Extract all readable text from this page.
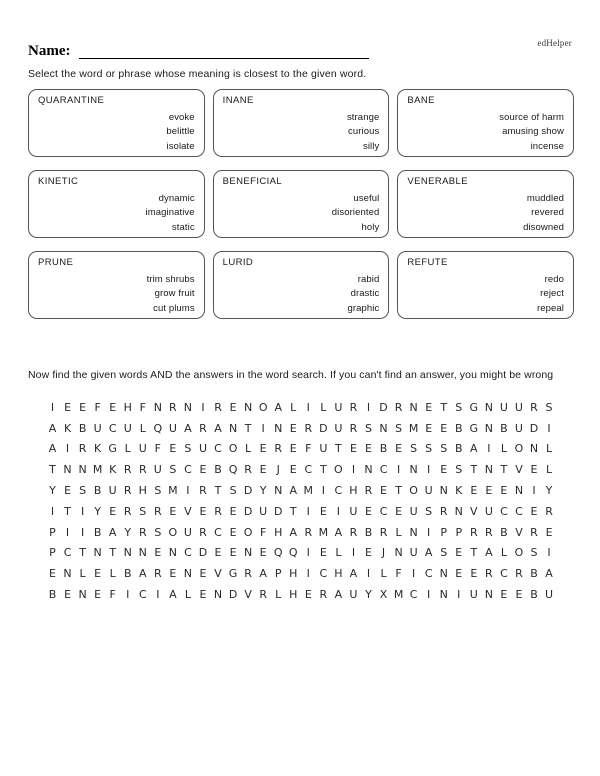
edHelper
Name:
Select the word or phrase whose meaning is closest to the given word.
QUARANTINE
evoke
belittle
isolate
INANE
strange
curious
silly
BANE
source of harm
amusing show
incense
KINETIC
dynamic
imaginative
static
BENEFICIAL
useful
disoriented
holy
VENERABLE
muddled
revered
disowned
PRUNE
trim shrubs
grow fruit
cut plums
LURID
rabid
drastic
graphic
REFUTE
redo
reject
repeal
Now find the given words AND the answers in the word search. If you can't find an answer, you might be wrong
I E E F E H F N R N I R E N O A L I L U R I D R N E T S G N U U R S
A K B U C U L Q U A R A N T I N E R D U R S N S M E E B G N B U D I
A I R K G L U F E S U C O L E R E F U T E E B E S S S B A I L O N L
T N N M K R R U S C E B Q R E J E C T O I N C I N I E S T N T V E L
Y E S B U R H S M I R T S D Y N A M I C H R E T O U N K E E E N I Y
I T I Y E R S R E V E R E D U D T I E I U E C E U S R N V U C C E R
P I	I B A Y R S O U R C E O F H A R M A R B R L N I P P R R B V R E
P C T N T N N E N C D E E N E Q Q I E L I E J N U A S E T A L O S I
E N L E L B A R E N E V G R A P H I C H A I L F I C N E E R C R B A
B E N E F I C I A L E N D V R L H E R A U Y X M C I N I U N E E B U
